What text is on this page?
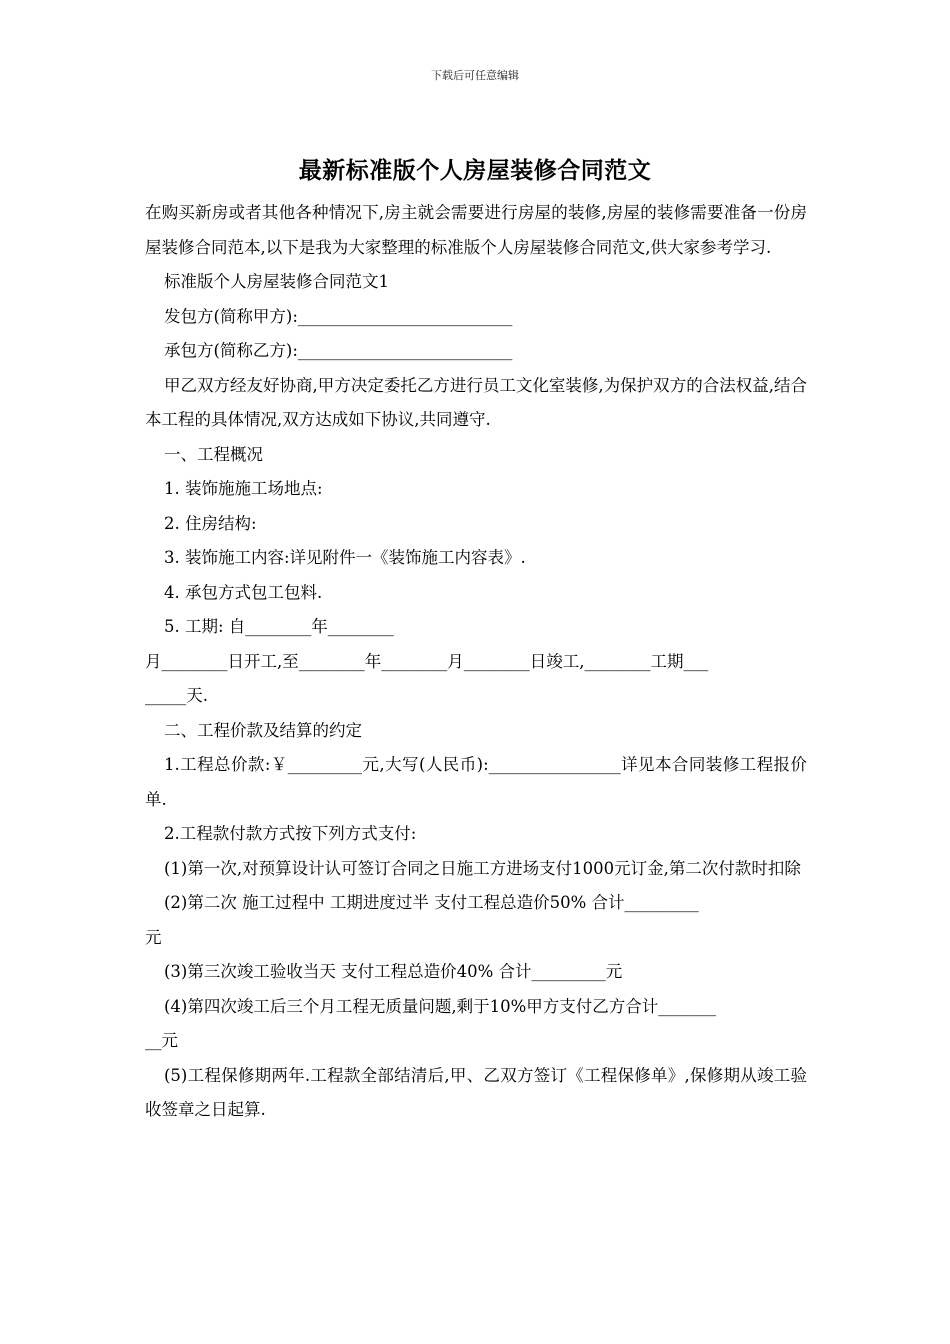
下载后可任意编辑
最新标准版个人房屋装修合同范文

在购买新房或者其他各种情况下,房主就会需要进行房屋的装修,房屋的装修需要准备一份房屋装修合同范本,以下是我为大家整理的标准版个人房屋装修合同范文,供大家参考学习.

标准版个人房屋装修合同范文1

发包方(简称甲方):__________________________

承包方(简称乙方):__________________________

甲乙双方经友好协商,甲方决定委托乙方进行员工文化室装修,为保护双方的合法权益,结合本工程的具体情况,双方达成如下协议,共同遵守.

一、工程概况

1. 装饰施施工场地点:

2. 住房结构:

3. 装饰施工内容:详见附件一《装饰施工内容表》.

4. 承包方式包工包料.

5. 工期: 自________年________

月________日开工,至________年________月________日竣工,________工期___

_____天.

二、工程价款及结算的约定

1.工程总价款:￥_________元,大写(人民币):________________详见本合同装修工程报价单.

2.工程款付款方式按下列方式支付:

(1)第一次,对预算设计认可签订合同之日施工方进场支付1000元订金,第二次付款时扣除

(2)第二次 施工过程中 工期进度过半 支付工程总造价50% 合计_________

元

(3)第三次竣工验收当天 支付工程总造价40% 合计_________元

(4)第四次竣工后三个月工程无质量问题,剩于10%甲方支付乙方合计_______

__元

(5)工程保修期两年.工程款全部结清后,甲、乙双方签订《工程保修单》,保修期从竣工验收签章之日起算.
